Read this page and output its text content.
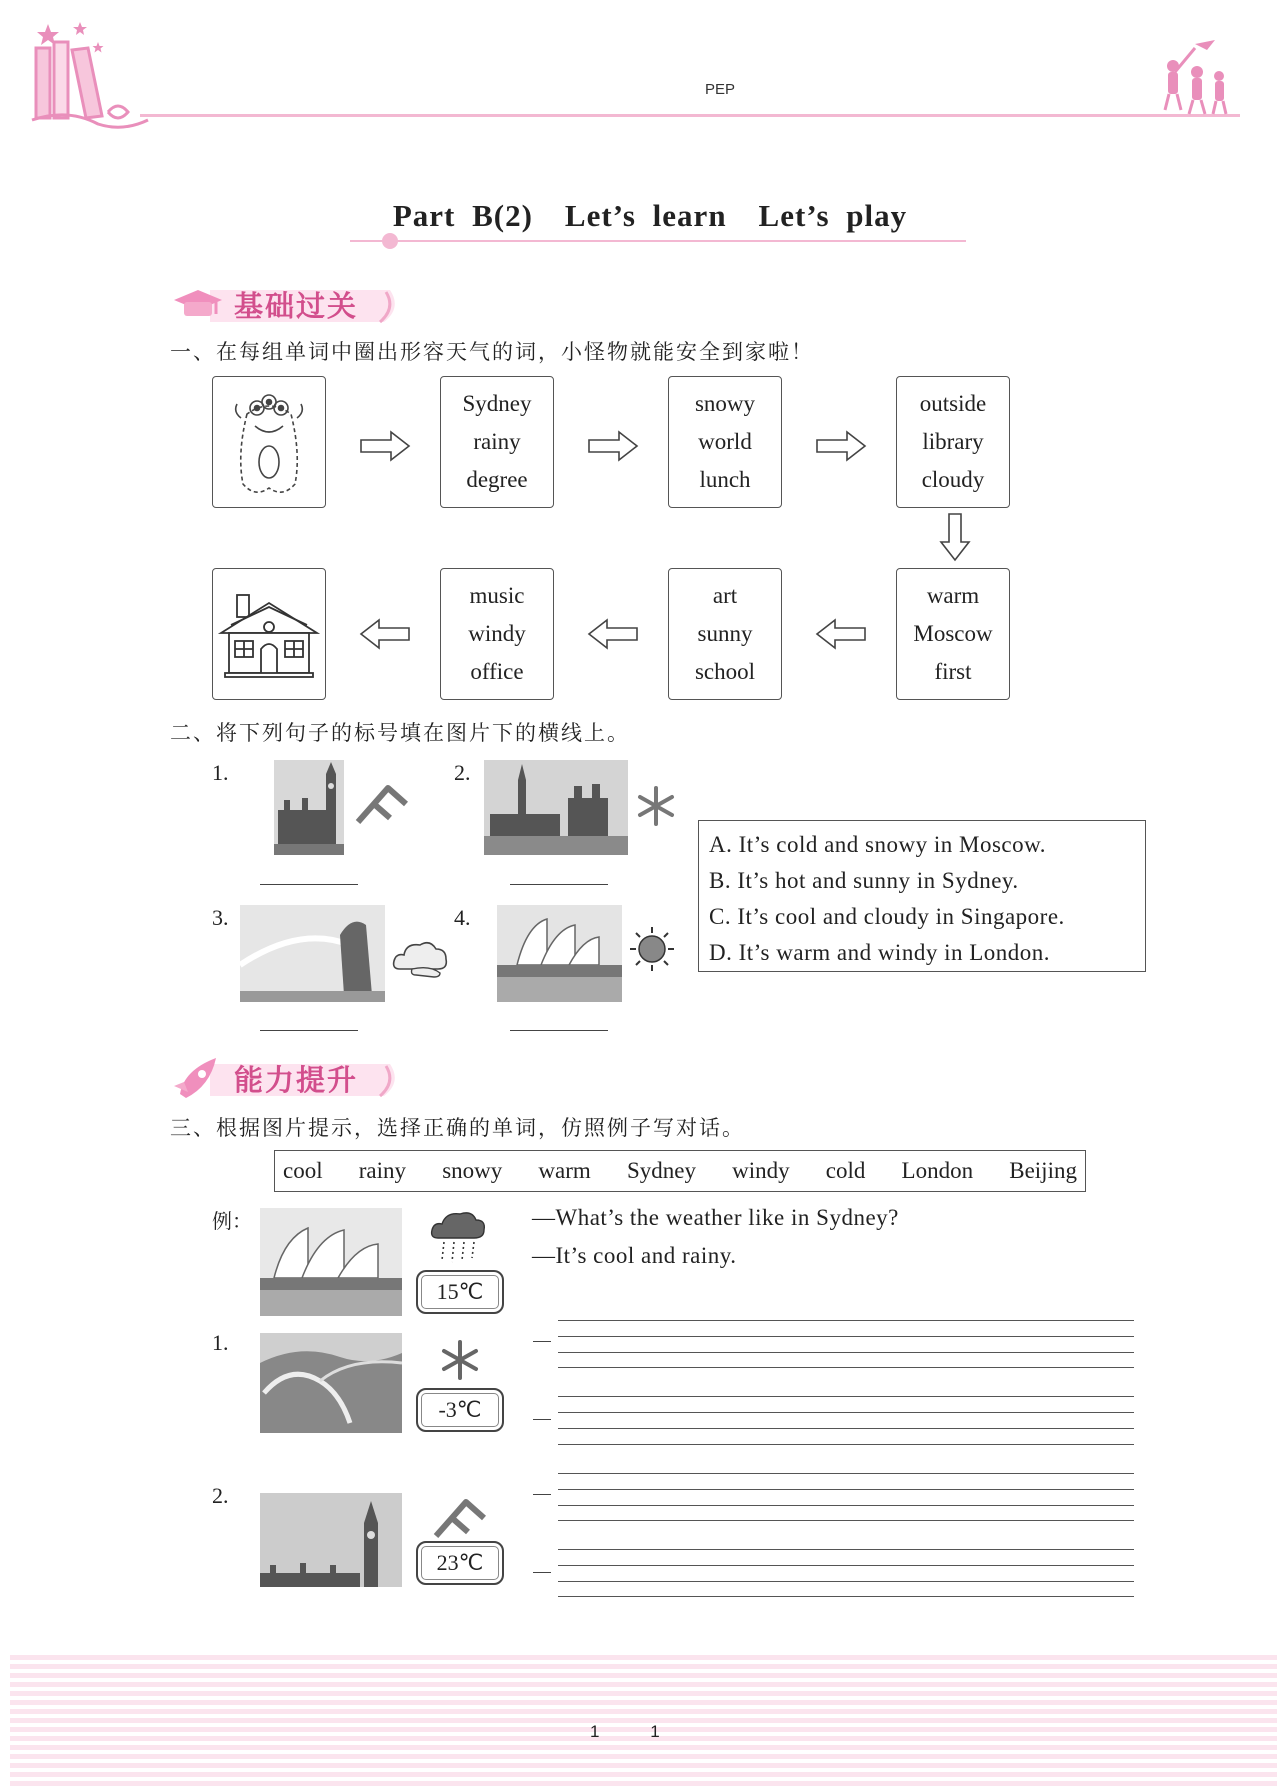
PEP
Part B(2) Let’s learn Let’s play
基础过关
一、在每组单词中圈出形容天气的词，小怪物就能安全到家啦！
Sydney
rainy
degree
snowy
world
lunch
outside
library
cloudy
music
windy
office
art
sunny
school
warm
Moscow
first
二、将下列句子的标号填在图片下的横线上。
1.	2.
3.	4.
A. It’s cold and snowy in Moscow.
B. It’s hot and sunny in Sydney.
C. It’s cool and cloudy in Singapore.
D. It’s warm and windy in London.
能力提升
三、根据图片提示，选择正确的单词，仿照例子写对话。
cool rainy snowy warm Sydney windy cold London Beijing
例：
15℃
—What’s the weather like in Sydney?
—It’s cool and rainy.
1.
-3℃
2.
23℃
11
